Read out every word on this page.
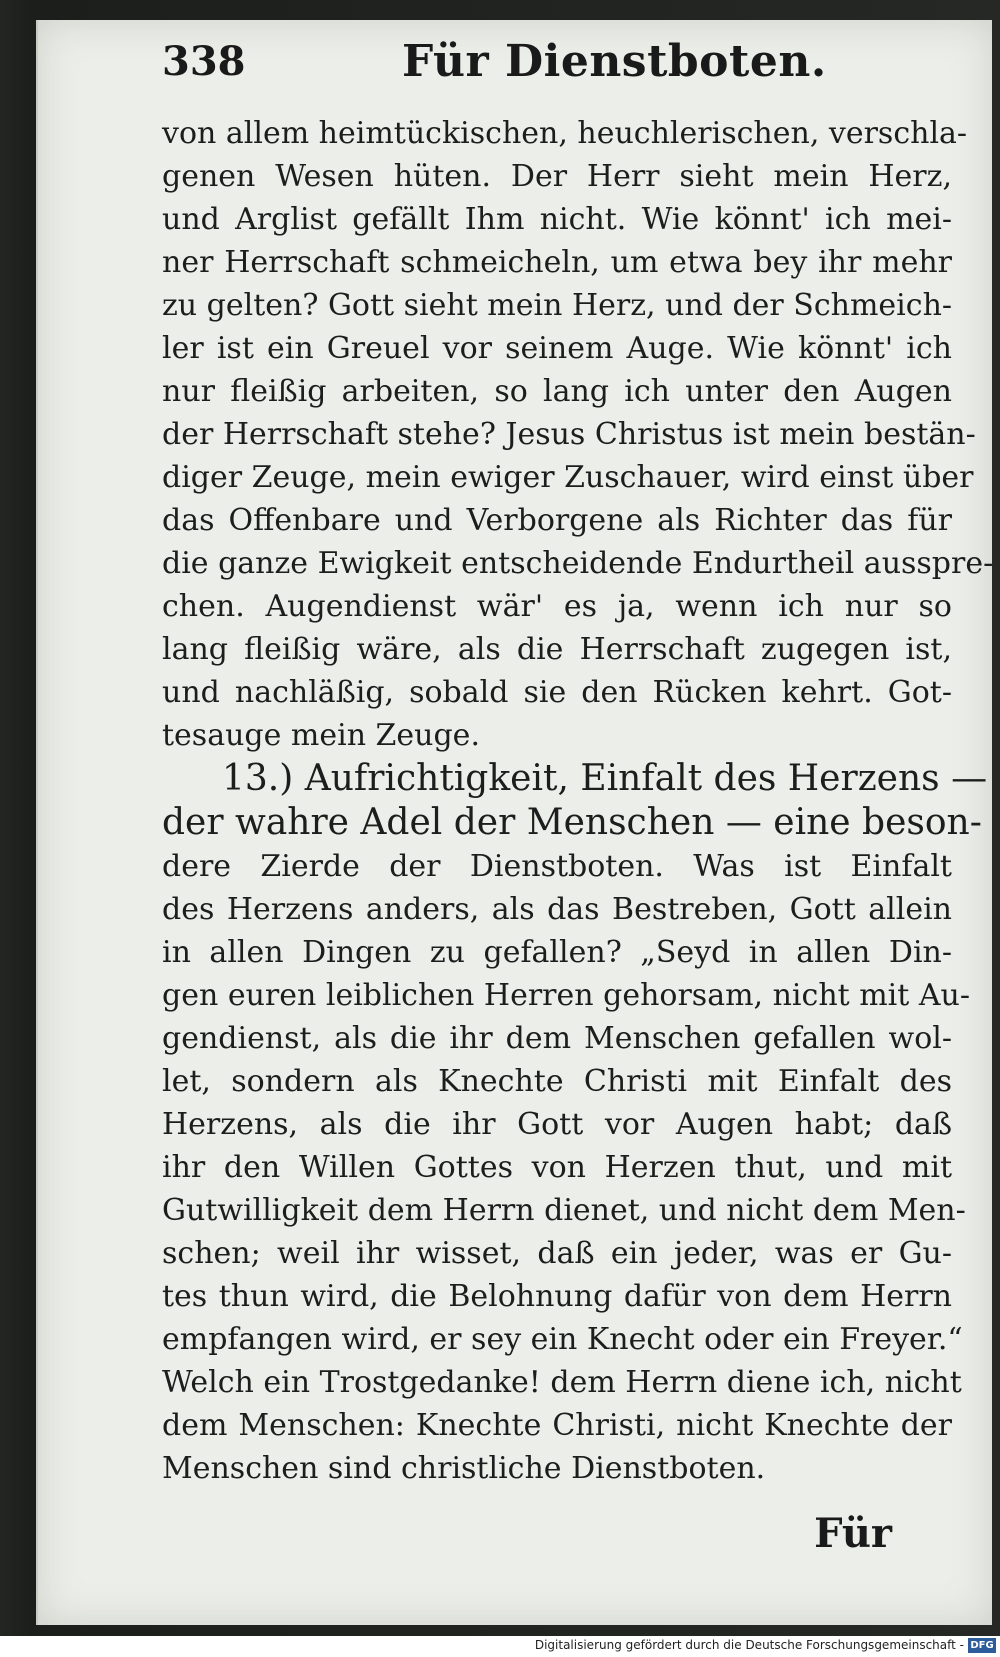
338	Für Dienstboten.
von allem heimtückischen, heuchlerischen, verschla-
genen Wesen hüten. Der Herr sieht mein Herz,
und Arglist gefällt Ihm nicht. Wie könnt' ich mei-
ner Herrschaft schmeicheln, um etwa bey ihr mehr
zu gelten? Gott sieht mein Herz, und der Schmeich-
ler ist ein Greuel vor seinem Auge. Wie könnt' ich
nur fleißig arbeiten, so lang ich unter den Augen
der Herrschaft stehe? Jesus Christus ist mein bestän-
diger Zeuge, mein ewiger Zuschauer, wird einst über
das Offenbare und Verborgene als Richter das für
die ganze Ewigkeit entscheidende Endurtheil ausspre-
chen. Augendienst wär' es ja, wenn ich nur so
lang fleißig wäre, als die Herrschaft zugegen ist,
und nachläßig, sobald sie den Rücken kehrt. Got-
tesauge mein Zeuge.
13.) Aufrichtigkeit, Einfalt des Herzens —
der wahre Adel der Menschen — eine beson-
dere Zierde der Dienstboten. Was ist Einfalt
des Herzens anders, als das Bestreben, Gott allein
in allen Dingen zu gefallen? „Seyd in allen Din-
gen euren leiblichen Herren gehorsam, nicht mit Au-
gendienst, als die ihr dem Menschen gefallen wol-
let, sondern als Knechte Christi mit Einfalt des
Herzens, als die ihr Gott vor Augen habt; daß
ihr den Willen Gottes von Herzen thut, und mit
Gutwilligkeit dem Herrn dienet, und nicht dem Men-
schen; weil ihr wisset, daß ein jeder, was er Gu-
tes thun wird, die Belohnung dafür von dem Herrn
empfangen wird, er sey ein Knecht oder ein Freyer.“
Welch ein Trostgedanke! dem Herrn diene ich, nicht
dem Menschen: Knechte Christi, nicht Knechte der
Menschen sind christliche Dienstboten.
Für
Digitalisierung gefördert durch die Deutsche Forschungsgemeinschaft - DFG
